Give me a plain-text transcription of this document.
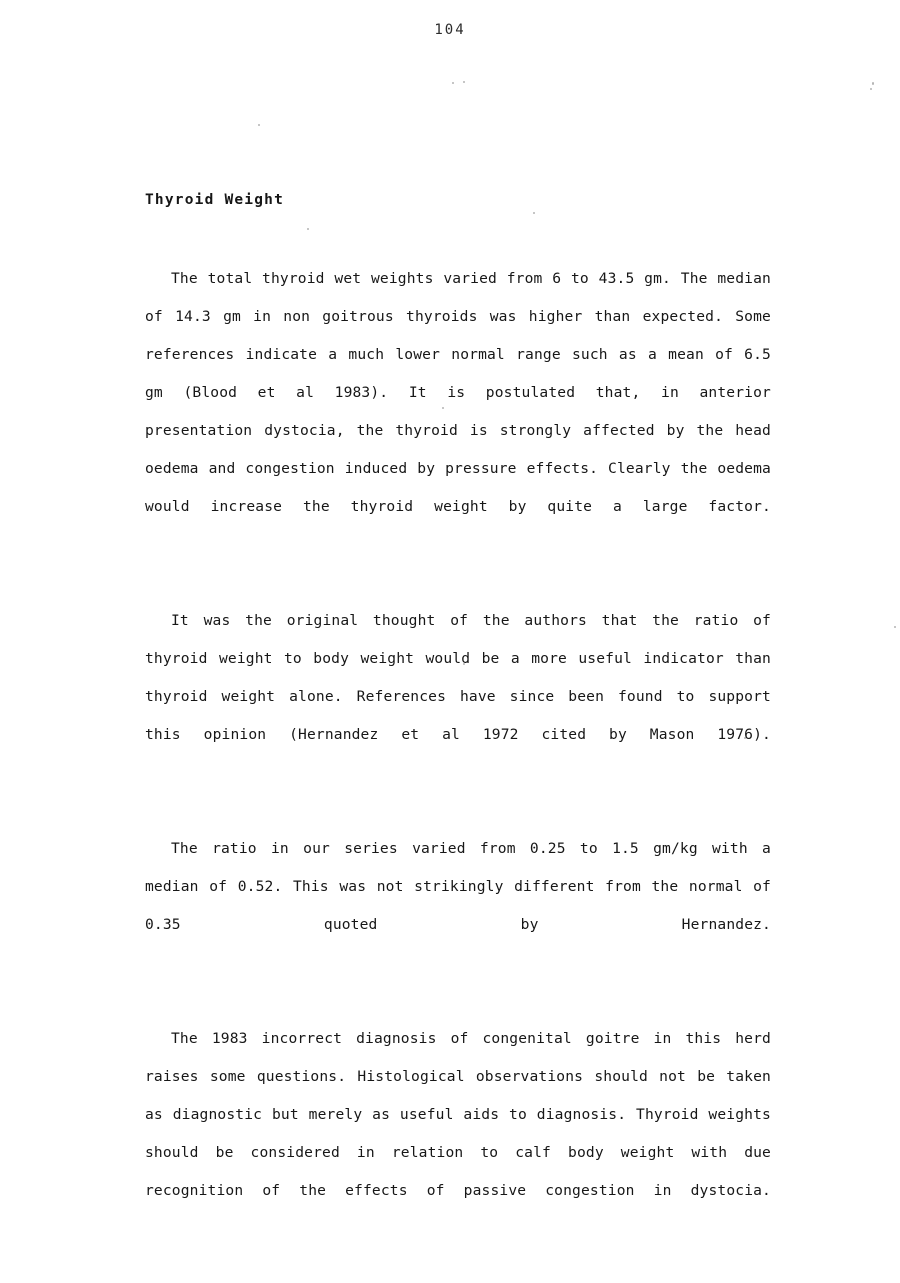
104
Thyroid Weight

The total thyroid wet weights varied from 6 to 43.5 gm. The median of 14.3 gm in non goitrous thyroids was higher than expected. Some references indicate a much lower normal range such as a mean of 6.5 gm (Blood et al 1983). It is postulated that, in anterior presentation dystocia, the thyroid is strongly affected by the head oedema and congestion induced by pressure effects. Clearly the oedema would increase the thyroid weight by quite a large factor.

It was the original thought of the authors that the ratio of thyroid weight to body weight would be a more useful indicator than thyroid weight alone. References have since been found to support this opinion (Hernandez et al 1972 cited by Mason 1976).

The ratio in our series varied from 0.25 to 1.5 gm/kg with a median of 0.52. This was not strikingly different from the normal of 0.35 quoted by Hernandez.

The 1983 incorrect diagnosis of congenital goitre in this herd raises some questions. Histological observations should not be taken as diagnostic but merely as useful aids to diagnosis. Thyroid weights should be considered in relation to calf body weight with due recognition of the effects of passive congestion in dystocia.
